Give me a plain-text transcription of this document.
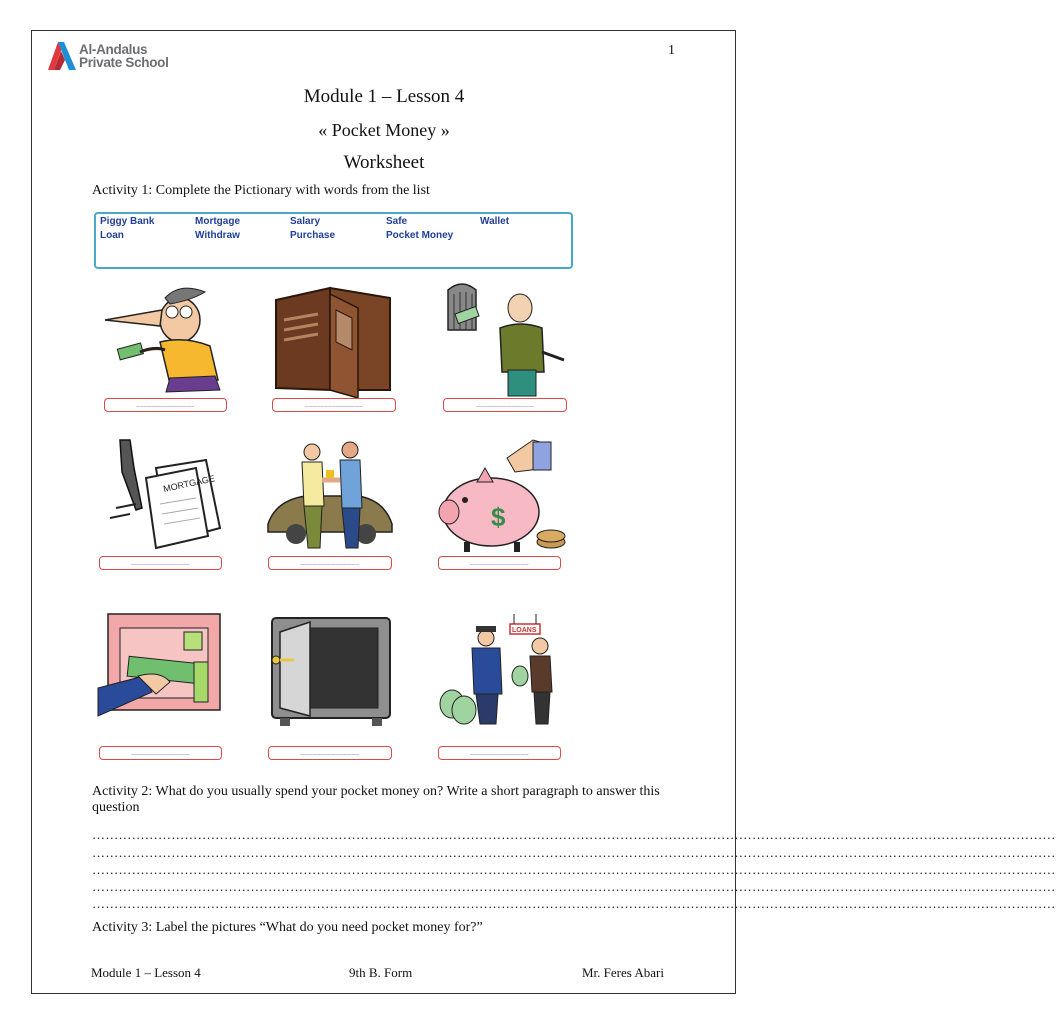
Al-Andalus
Private School
1
Module 1 – Lesson 4
« Pocket Money »
Worksheet
Activity 1: Complete the Pictionary with words from the list
Piggy Bank	Mortgage	Salary	Safe	Wallet
Loan	Withdraw	Purchase	Pocket Money
_______________	_______________	_______________
MORTGAGE
$
_______________	_______________	_______________
LOANS
_______________	_______________	_______________
Activity 2: What do you usually spend your pocket money on? Write a short paragraph to answer this question
…………………………………………………………………………………………………………………………………………………………………………………………………
…………………………………………………………………………………………………………………………………………………………………………………………………
…………………………………………………………………………………………………………………………………………………………………………………………………
…………………………………………………………………………………………………………………………………………………………………………………………………
…………………………………………………………………………………………………………………………………………………………………………………………………
Activity 3: Label the pictures “What do you need pocket money for?”
Module 1 – Lesson 4	9th B. Form	Mr. Feres Abari
